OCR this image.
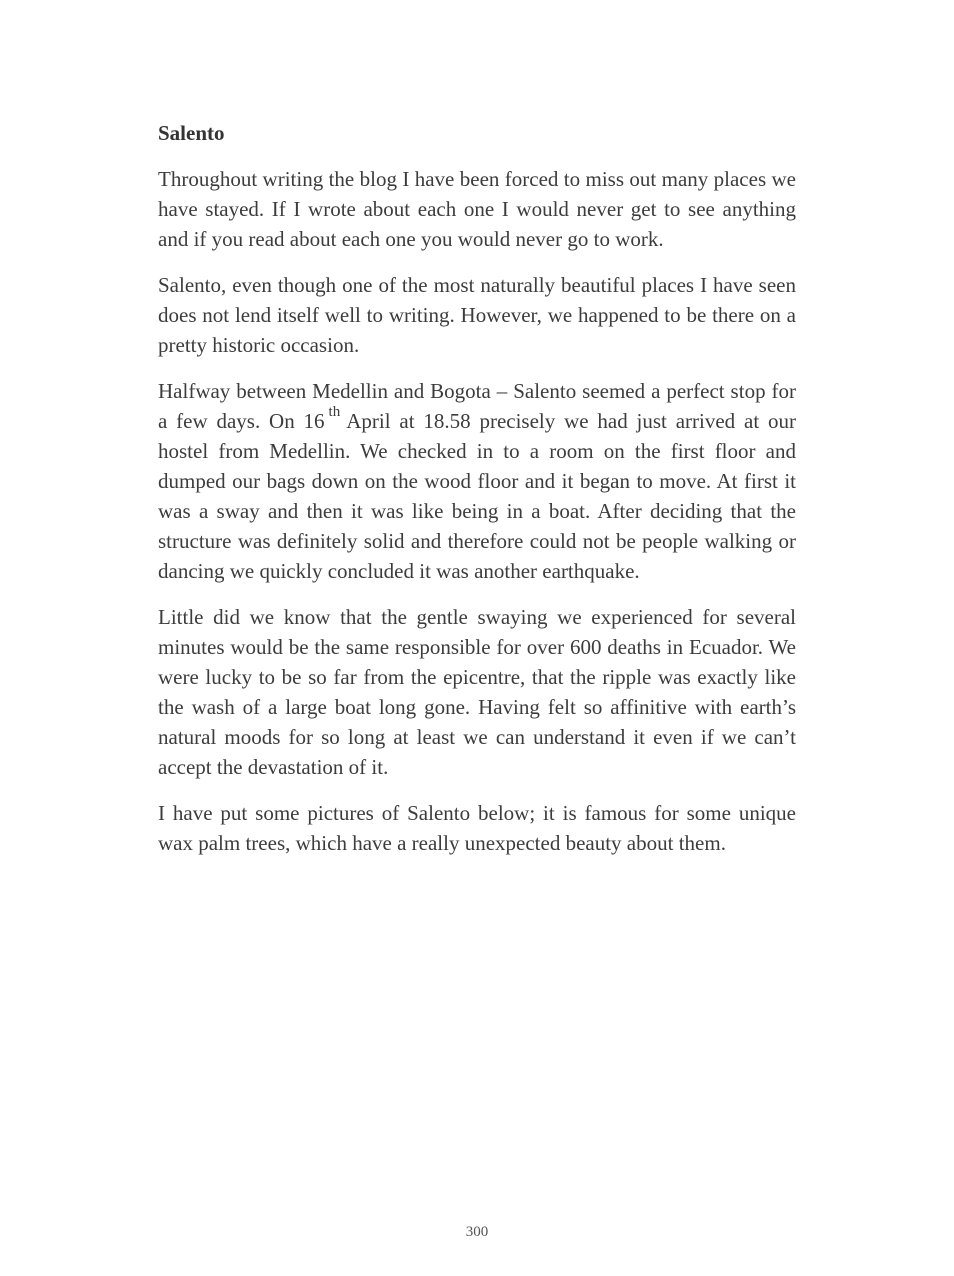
Salento

Throughout writing the blog I have been forced to miss out many places we have stayed. If I wrote about each one I would never get to see anything and if you read about each one you would never go to work.

Salento, even though one of the most naturally beautiful places I have seen does not lend itself well to writing. However, we happened to be there on a pretty historic occasion.

Halfway between Medellin and Bogota – Salento seemed a perfect stop for a few days. On 16 $^{th}$ April at 18.58 precisely we had just arrived at our hostel from Medellin. We checked in to a room on the first floor and dumped our bags down on the wood floor and it began to move. At first it was a sway and then it was like being in a boat. After deciding that the structure was definitely solid and therefore could not be people walking or dancing we quickly concluded it was another earthquake.

Little did we know that the gentle swaying we experienced for several minutes would be the same responsible for over 600 deaths in Ecuador. We were lucky to be so far from the epicentre, that the ripple was exactly like the wash of a large boat long gone. Having felt so affinitive with earth’s natural moods for so long at least we can understand it even if we can’t accept the devastation of it.

I have put some pictures of Salento below; it is famous for some unique wax palm trees, which have a really unexpected beauty about them.

300
